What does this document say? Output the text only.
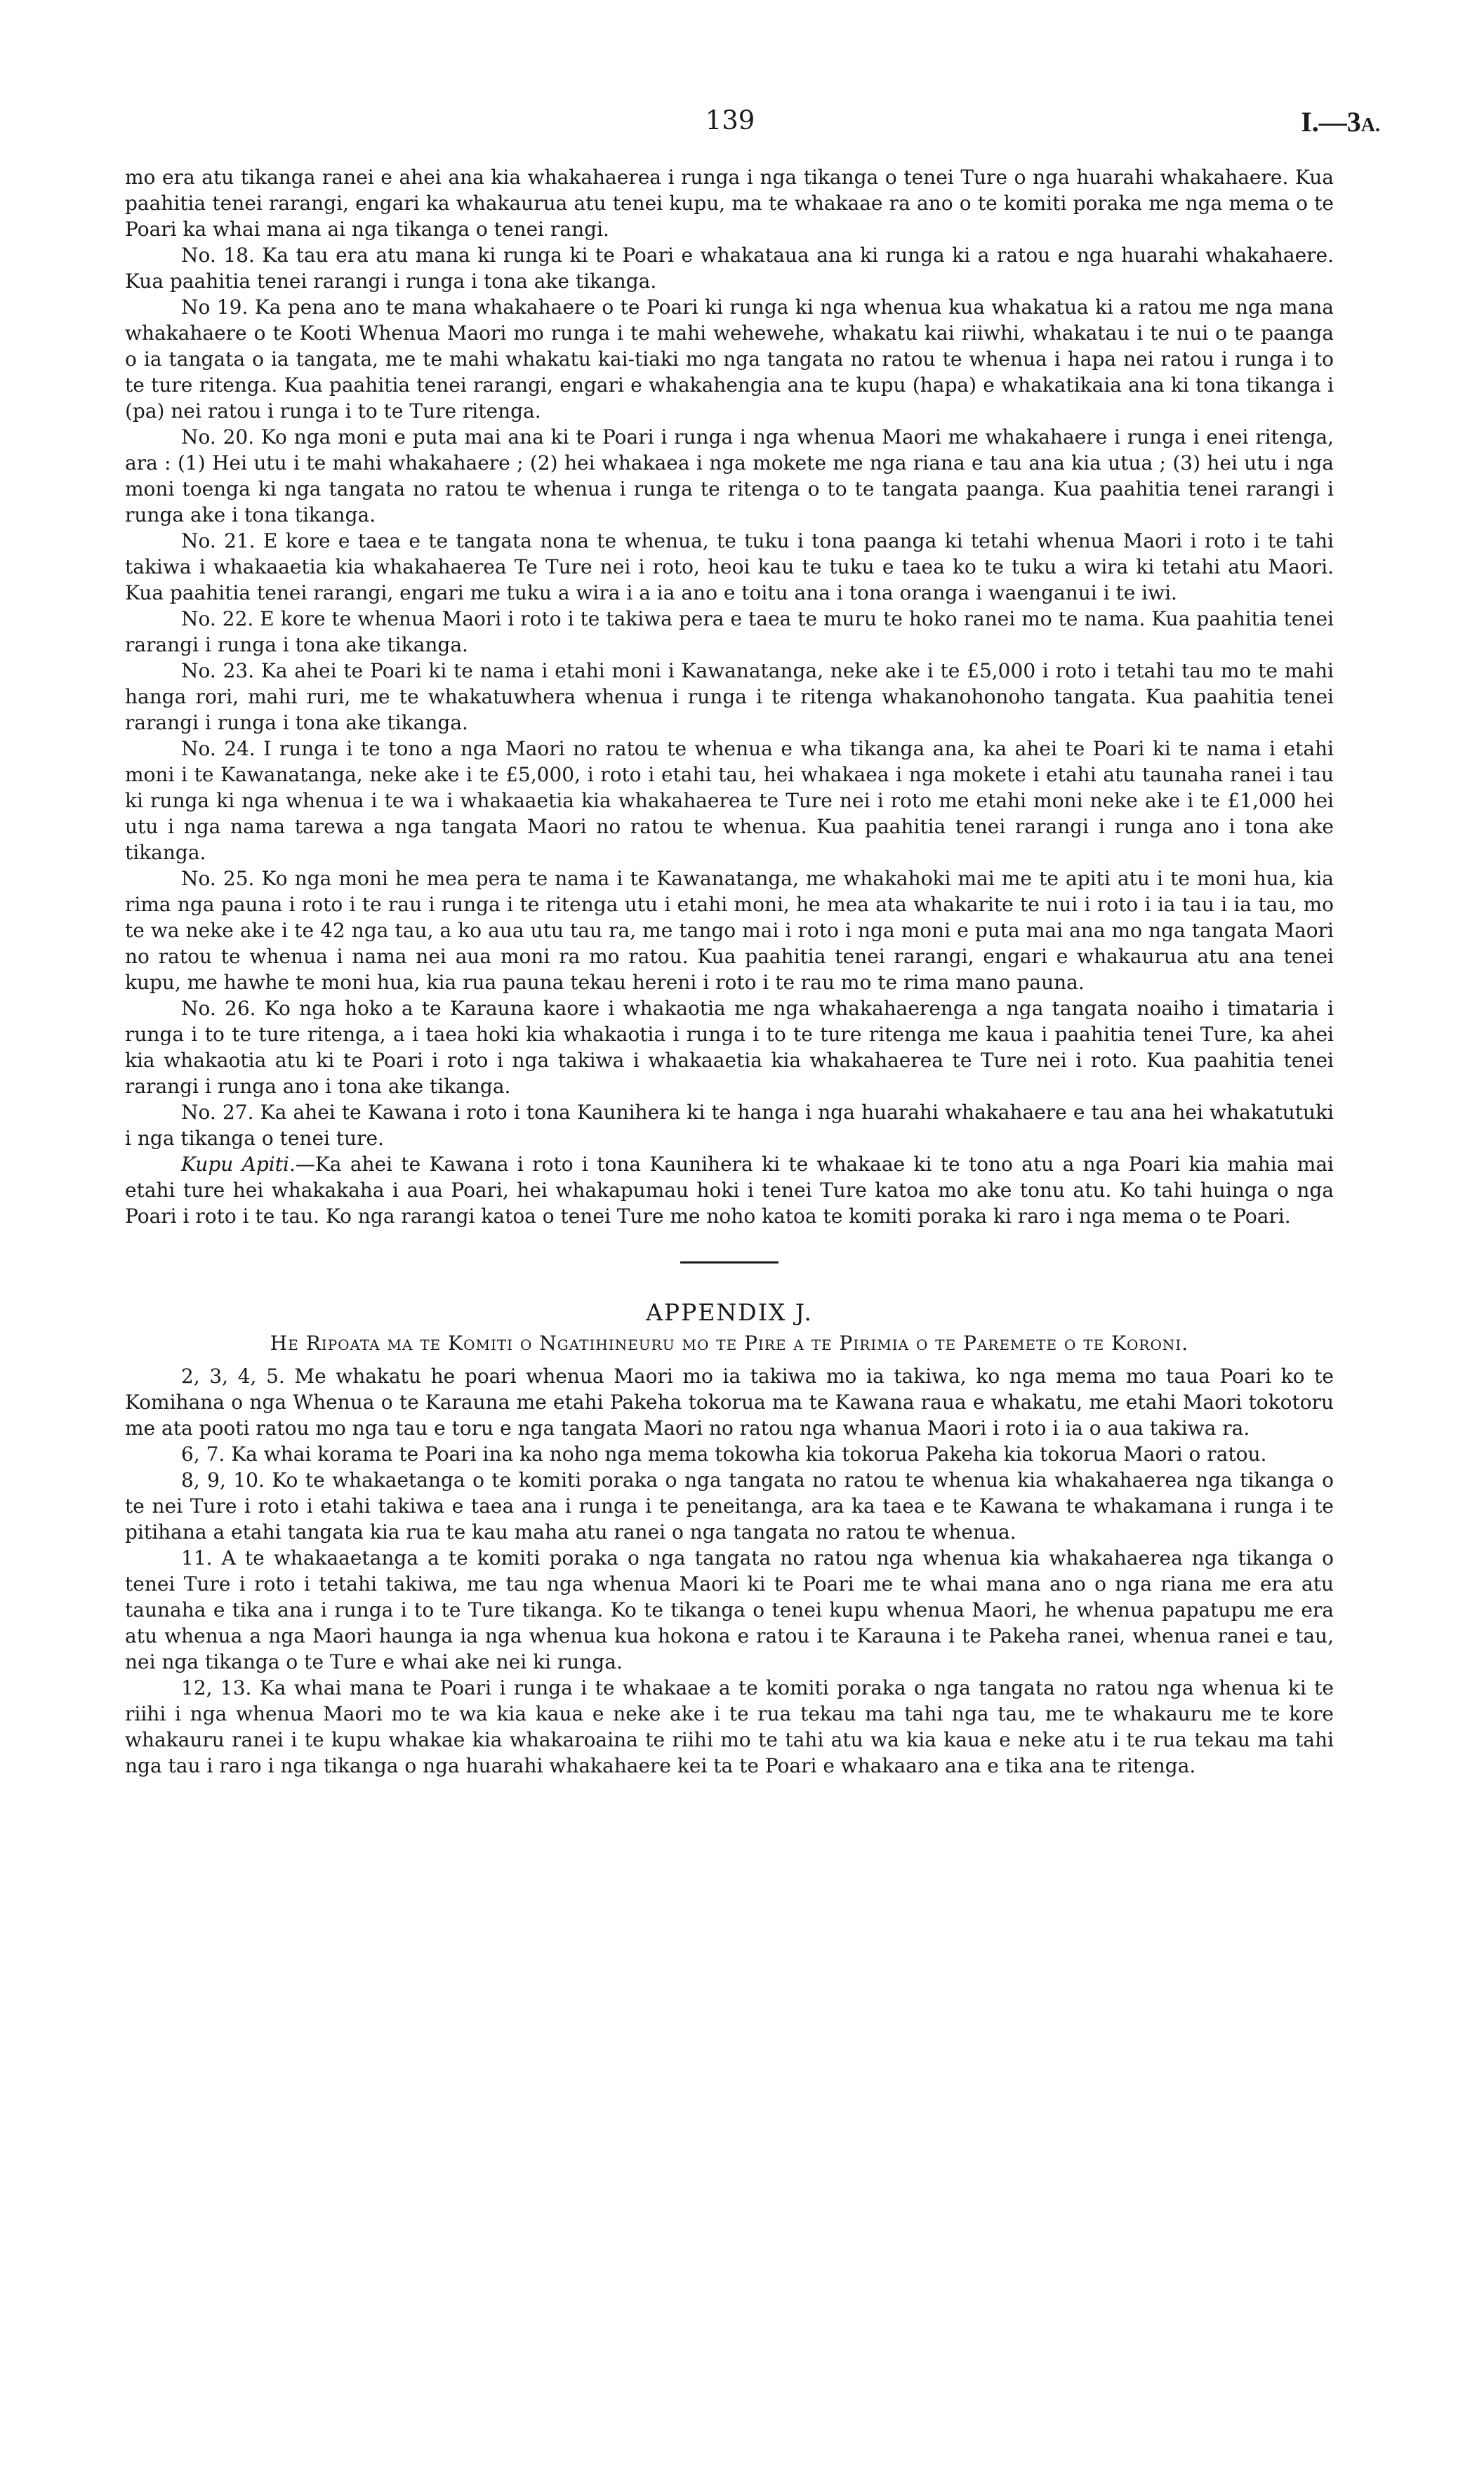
139	I.—3A.

mo era atu tikanga ranei e ahei ana kia whakahaerea i runga i nga tikanga o tenei Ture o nga huarahi whakahaere. Kua paahitia tenei rarangi, engari ka whakaurua atu tenei kupu, ma te whakaae ra ano o te komiti poraka me nga mema o te Poari ka whai mana ai nga tikanga o tenei rangi.

No. 18. Ka tau era atu mana ki runga ki te Poari e whakataua ana ki runga ki a ratou e nga huarahi whakahaere. Kua paahitia tenei rarangi i runga i tona ake tikanga.

No 19. Ka pena ano te mana whakahaere o te Poari ki runga ki nga whenua kua whakatua ki a ratou me nga mana whakahaere o te Kooti Whenua Maori mo runga i te mahi wehewehe, whakatu kai riiwhi, whakatau i te nui o te paanga o ia tangata o ia tangata, me te mahi whakatu kai-tiaki mo nga tangata no ratou te whenua i hapa nei ratou i runga i to te ture ritenga. Kua paahitia tenei rarangi, engari e whakahengia ana te kupu (hapa) e whakatikaia ana ki tona tikanga i (pa) nei ratou i runga i to te Ture ritenga.

No. 20. Ko nga moni e puta mai ana ki te Poari i runga i nga whenua Maori me whakahaere i runga i enei ritenga, ara : (1) Hei utu i te mahi whakahaere ; (2) hei whakaea i nga mokete me nga riana e tau ana kia utua ; (3) hei utu i nga moni toenga ki nga tangata no ratou te whenua i runga te ritenga o to te tangata paanga. Kua paahitia tenei rarangi i runga ake i tona tikanga.

No. 21. E kore e taea e te tangata nona te whenua, te tuku i tona paanga ki tetahi whenua Maori i roto i te tahi takiwa i whakaaetia kia whakahaerea Te Ture nei i roto, heoi kau te tuku e taea ko te tuku a wira ki tetahi atu Maori. Kua paahitia tenei rarangi, engari me tuku a wira i a ia ano e toitu ana i tona oranga i waenganui i te iwi.

No. 22. E kore te whenua Maori i roto i te takiwa pera e taea te muru te hoko ranei mo te nama. Kua paahitia tenei rarangi i runga i tona ake tikanga.

No. 23. Ka ahei te Poari ki te nama i etahi moni i Kawanatanga, neke ake i te £5,000 i roto i tetahi tau mo te mahi hanga rori, mahi ruri, me te whakatuwhera whenua i runga i te ritenga whakanohonoho tangata. Kua paahitia tenei rarangi i runga i tona ake tikanga.

No. 24. I runga i te tono a nga Maori no ratou te whenua e wha tikanga ana, ka ahei te Poari ki te nama i etahi moni i te Kawanatanga, neke ake i te £5,000, i roto i etahi tau, hei whakaea i nga mokete i etahi atu taunaha ranei i tau ki runga ki nga whenua i te wa i whakaaetia kia whakahaerea te Ture nei i roto me etahi moni neke ake i te £1,000 hei utu i nga nama tarewa a nga tangata Maori no ratou te whenua. Kua paahitia tenei rarangi i runga ano i tona ake tikanga.

No. 25. Ko nga moni he mea pera te nama i te Kawanatanga, me whakahoki mai me te apiti atu i te moni hua, kia rima nga pauna i roto i te rau i runga i te ritenga utu i etahi moni, he mea ata whakarite te nui i roto i ia tau i ia tau, mo te wa neke ake i te 42 nga tau, a ko aua utu tau ra, me tango mai i roto i nga moni e puta mai ana mo nga tangata Maori no ratou te whenua i nama nei aua moni ra mo ratou. Kua paahitia tenei rarangi, engari e whakaurua atu ana tenei kupu, me hawhe te moni hua, kia rua pauna tekau hereni i roto i te rau mo te rima mano pauna.

No. 26. Ko nga hoko a te Karauna kaore i whakaotia me nga whakahaerenga a nga tangata noaiho i timataria i runga i to te ture ritenga, a i taea hoki kia whakaotia i runga i to te ture ritenga me kaua i paahitia tenei Ture, ka ahei kia whakaotia atu ki te Poari i roto i nga takiwa i whakaaetia kia whakahaerea te Ture nei i roto. Kua paahitia tenei rarangi i runga ano i tona ake tikanga.

No. 27. Ka ahei te Kawana i roto i tona Kaunihera ki te hanga i nga huarahi whakahaere e tau ana hei whakatutuki i nga tikanga o tenei ture.

Kupu Apiti.—Ka ahei te Kawana i roto i tona Kaunihera ki te whakaae ki te tono atu a nga Poari kia mahia mai etahi ture hei whakakaha i aua Poari, hei whakapumau hoki i tenei Ture katoa mo ake tonu atu. Ko tahi huinga o nga Poari i roto i te tau. Ko nga rarangi katoa o tenei Ture me noho katoa te komiti poraka ki raro i nga mema o te Poari.

APPENDIX J.
He Ripoata ma te Komiti o Ngatihineuru mo te Pire a te Pirimia o te Paremete o te Koroni.

2, 3, 4, 5. Me whakatu he poari whenua Maori mo ia takiwa mo ia takiwa, ko nga mema mo taua Poari ko te Komihana o nga Whenua o te Karauna me etahi Pakeha tokorua ma te Kawana raua e whakatu, me etahi Maori tokotoru me ata pooti ratou mo nga tau e toru e nga tangata Maori no ratou nga whanua Maori i roto i ia o aua takiwa ra.

6, 7. Ka whai korama te Poari ina ka noho nga mema tokowha kia tokorua Pakeha kia tokorua Maori o ratou.

8, 9, 10. Ko te whakaetanga o te komiti poraka o nga tangata no ratou te whenua kia whakahaerea nga tikanga o te nei Ture i roto i etahi takiwa e taea ana i runga i te peneitanga, ara ka taea e te Kawana te whakamana i runga i te pitihana a etahi tangata kia rua te kau maha atu ranei o nga tangata no ratou te whenua.

11. A te whakaaetanga a te komiti poraka o nga tangata no ratou nga whenua kia whakahaerea nga tikanga o tenei Ture i roto i tetahi takiwa, me tau nga whenua Maori ki te Poari me te whai mana ano o nga riana me era atu taunaha e tika ana i runga i to te Ture tikanga. Ko te tikanga o tenei kupu whenua Maori, he whenua papatupu me era atu whenua a nga Maori haunga ia nga whenua kua hokona e ratou i te Karauna i te Pakeha ranei, whenua ranei e tau, nei nga tikanga o te Ture e whai ake nei ki runga.

12, 13. Ka whai mana te Poari i runga i te whakaae a te komiti poraka o nga tangata no ratou nga whenua ki te riihi i nga whenua Maori mo te wa kia kaua e neke ake i te rua tekau ma tahi nga tau, me te whakauru me te kore whakauru ranei i te kupu whakae kia whakaroaina te riihi mo te tahi atu wa kia kaua e neke atu i te rua tekau ma tahi nga tau i raro i nga tikanga o nga huarahi whakahaere kei ta te Poari e whakaaro ana e tika ana te ritenga.
